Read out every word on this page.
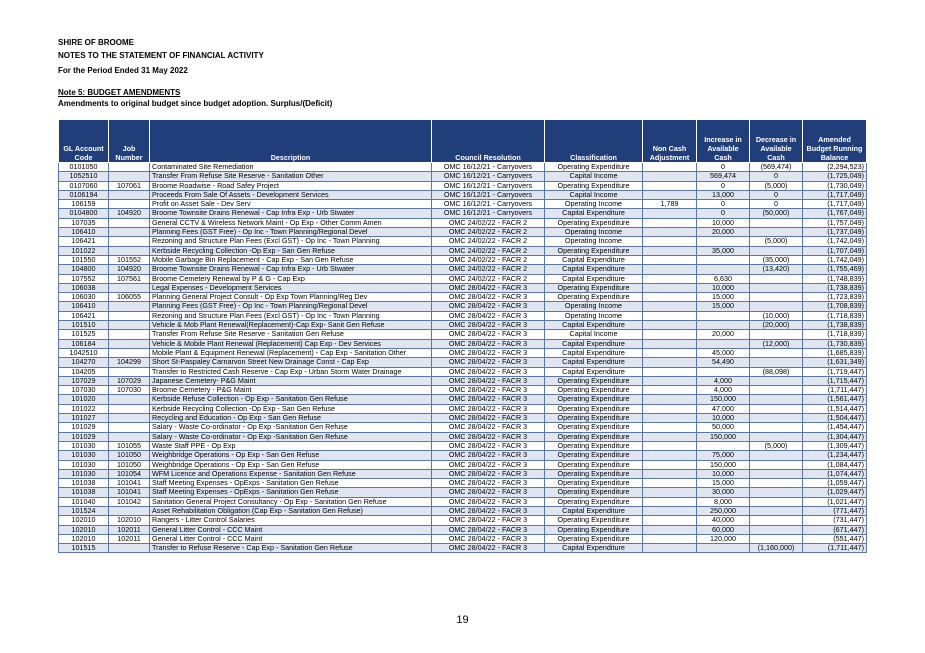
SHIRE OF BROOME
NOTES TO THE STATEMENT OF FINANCIAL ACTIVITY
For the Period Ended 31 May 2022
Note 5: BUDGET AMENDMENTS
Amendments to original budget since budget adoption. Surplus/(Deficit)
GL Account Code	Job Number	Description	Council Resolution	Classification	Non Cash Adjustment	Increase in Available Cash	Decrease in Available Cash	Amended Budget Running Balance
0101050		Contaminated Site Remediation	OMC 16/12/21 - Carryovers	Operating Expenditure		0	(569,474)	(2,294,523)
1052510		Transfer From Refuse Site Reserve - Sanitation Other	OMC 16/12/21 - Carryovers	Capital Income		569,474	0	(1,725,049)
0107060	107061	Broome Roadwise - Road Safey Project	OMC 16/12/21 - Carryovers	Operating Expenditure		0	(5,000)	(1,730,049)
0106194		Proceeds From Sale Of Assets - Development Services	OMC 16/12/21 - Carryovers	Capital Income		13,000	0	(1,717,049)
106159		Profit on Asset Sale - Dev Serv	OMC 16/12/21 - Carryovers	Operating Income	1,789	0	0	(1,717,049)
0104800	104920	Broome Townsite Drains Renewal - Cap Infra Exp - Urb Stwater	OMC 16/12/21 - Carryovers	Capital Expenditure		0	(50,000)	(1,767,049)
107035		General CCTV & Wireless Network Maint - Op Exp - Other Comm Amen	OMC 24/02/22 - FACR 2	Operating Expenditure		10,000		(1,757,049)
106410		Planning Fees (GST Free) - Op Inc - Town Planning/Regional Devel	OMC 24/02/22 - FACR 2	Operating Income		20,000		(1,737,049)
106421		Rezoning and Structure Plan Fees (Excl GST) - Op Inc - Town Planning	OMC 24/02/22 - FACR 2	Operating Income			(5,000)	(1,742,049)
101022		Kerbside Recycling Collection -Op Exp - San Gen Refuse	OMC 24/02/22 - FACR 2	Operating Expenditure		35,000		(1,707,049)
101550	101552	Mobile Garbage Bin Replacement - Cap Exp - San Gen Refuse	OMC 24/02/22 - FACR 2	Capital Expenditure			(35,000)	(1,742,049)
104800	104920	Broome Townsite Drains Renewal - Cap Infra Exp - Urb Stwater	OMC 24/02/22 - FACR 2	Capital Expenditure			(13,420)	(1,755,469)
107552	107561	Broome Cemetery Renewal by P & G - Cap Exp	OMC 24/02/22 - FACR 2	Capital Expenditure		6,630		(1,748,839)
106038		Legal Expenses - Development Services	OMC 28/04/22 - FACR 3	Operating Expenditure		10,000		(1,738,839)
106030	106055	Planning General Project Consult - Op Exp Town Planning/Reg Dev	OMC 28/04/22 - FACR 3	Operating Expenditure		15,000		(1,723,839)
106410		Planning Fees (GST Free) - Op Inc - Town Planning/Regional Devel	OMC 28/04/22 - FACR 3	Operating Income		15,000		(1,708,839)
106421		Rezoning and Structure Plan Fees (Excl GST) - Op Inc - Town Planning	OMC 28/04/22 - FACR 3	Operating Income			(10,000)	(1,718,839)
101510		Vehicle & Mob Plant Renewal(Replacement)-Cap Exp- Sanit Gen Refuse	OMC 28/04/22 - FACR 3	Capital Expenditure			(20,000)	(1,738,839)
101525		Transfer From Refuse Site Reserve - Sanitation Gen Refuse	OMC 28/04/22 - FACR 3	Capital Income		20,000		(1,718,839)
106184		Vehicle & Mobile Plant Renewal (Replacement) Cap Exp - Dev Services	OMC 28/04/22 - FACR 3	Capital Expenditure			(12,000)	(1,730,839)
1042510		Mobile Plant & Equipment Renewal (Replacement) - Cap Exp - Sanitation Other	OMC 28/04/22 - FACR 3	Capital Expenditure		45,000		(1,685,839)
104270	104299	Short St-Paspaley Carnarvon Street New Drainage Const - Cap Exp	OMC 28/04/22 - FACR 3	Capital Expenditure		54,490		(1,631,349)
104205		Transfer to Restricted Cash Reserve - Cap Exp - Urban Storm Water Drainage	OMC 28/04/22 - FACR 3	Capital Expenditure			(88,098)	(1,719,447)
107029	107029	Japanese Cemetery- P&G Maint	OMC 28/04/22 - FACR 3	Operating Expenditure		4,000		(1,715,447)
107030	107030	Broome Cemetery - P&G Maint	OMC 28/04/22 - FACR 3	Operating Expenditure		4,000		(1,711,447)
101020		Kerbside Refuse Collection - Op Exp - Sanitation Gen Refuse	OMC 28/04/22 - FACR 3	Operating Expenditure		150,000		(1,561,447)
101022		Kerbside Recycling Collection -Op Exp - San Gen Refuse	OMC 28/04/22 - FACR 3	Operating Expenditure		47,000		(1,514,447)
101027		Recycling and Education - Op Exp - San Gen Refuse	OMC 28/04/22 - FACR 3	Operating Expenditure		10,000		(1,504,447)
101029		Salary - Waste Co-ordinator - Op Exp -Sanitation Gen Refuse	OMC 28/04/22 - FACR 3	Operating Expenditure		50,000		(1,454,447)
101029		Salary - Waste Co-ordinator - Op Exp -Sanitation Gen Refuse	OMC 28/04/22 - FACR 3	Operating Expenditure		150,000		(1,304,447)
101030	101055	Waste Staff PPE - Op Exp	OMC 28/04/22 - FACR 3	Operating Expenditure			(5,000)	(1,309,447)
101030	101050	Weighbridge Operations - Op Exp - San Gen Refuse	OMC 28/04/22 - FACR 3	Operating Expenditure		75,000		(1,234,447)
101030	101050	Weighbridge Operations - Op Exp - San Gen Refuse	OMC 28/04/22 - FACR 3	Operating Expenditure		150,000		(1,084,447)
101030	101054	WFM Licence and Operations Expense - Sanitation Gen Refuse	OMC 28/04/22 - FACR 3	Operating Expenditure		10,000		(1,074,447)
101038	101041	Staff Meeting Expenses - OpExps - Sanitation Gen Refuse	OMC 28/04/22 - FACR 3	Operating Expenditure		15,000		(1,059,447)
101038	101041	Staff Meeting Expenses - OpExps - Sanitation Gen Refuse	OMC 28/04/22 - FACR 3	Operating Expenditure		30,000		(1,029,447)
101040	101042	Sanitation General Project Consultancy - Op Exp - Sanitation Gen Refuse	OMC 28/04/22 - FACR 3	Operating Expenditure		8,000		(1,021,447)
101524		Asset Rehabilitation Obligation (Cap Exp - Sanitation Gen Refuse)	OMC 28/04/22 - FACR 3	Capital Expenditure		250,000		(771,447)
102010	102010	Rangers - Litter Control Salaries	OMC 28/04/22 - FACR 3	Operating Expenditure		40,000		(731,447)
102010	102011	General Litter Control - CCC Maint	OMC 28/04/22 - FACR 3	Operating Expenditure		60,000		(671,447)
102010	102011	General Litter Control - CCC Maint	OMC 28/04/22 - FACR 3	Operating Expenditure		120,000		(551,447)
101515		Transfer to Refuse Reserve - Cap Exp - Sanitation Gen Refuse	OMC 28/04/22 - FACR 3	Capital Expenditure			(1,160,000)	(1,711,447)
19
